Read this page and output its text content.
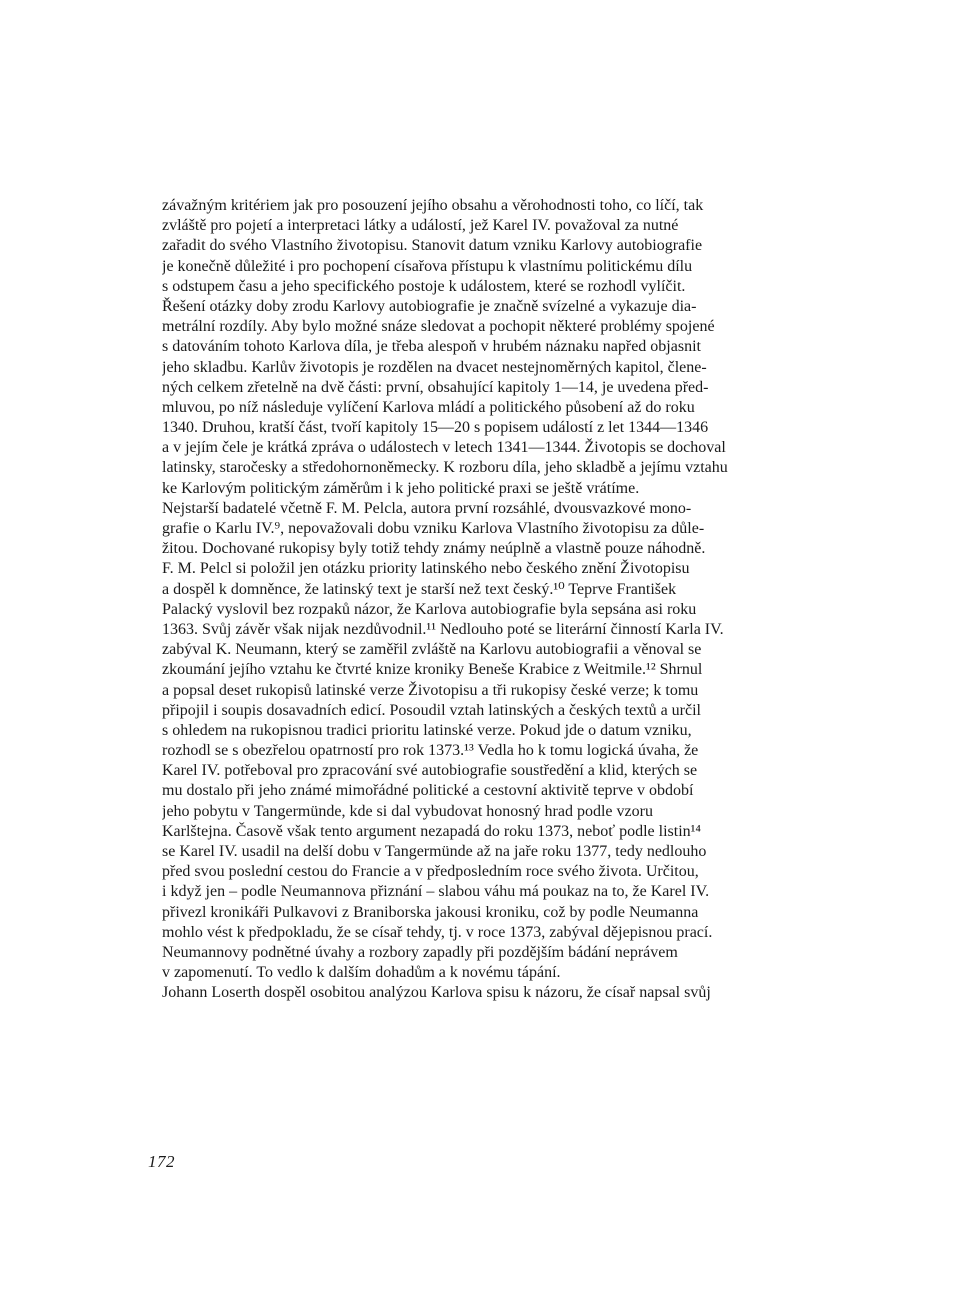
závažným kritériem jak pro posouzení jejího obsahu a věrohodnosti toho, co líčí, tak
zvláště pro pojetí a interpretaci látky a událostí, jež Karel IV. považoval za nutné
zařadit do svého Vlastního životopisu. Stanovit datum vzniku Karlovy autobiografie
je konečně důležité i pro pochopení císařova přístupu k vlastnímu politickému dílu
s odstupem času a jeho specifického postoje k událostem, které se rozhodl vylíčit.
Řešení otázky doby zrodu Karlovy autobiografie je značně svízelné a vykazuje dia-
metrální rozdíly. Aby bylo možné snáze sledovat a pochopit některé problémy spojené
s datováním tohoto Karlova díla, je třeba alespoň v hrubém náznaku napřed objasnit
jeho skladbu. Karlův životopis je rozdělen na dvacet nestejnoměrných kapitol, člene-
ných celkem zřetelně na dvě části: první, obsahující kapitoly 1—14, je uvedena před-
mluvou, po níž následuje vylíčení Karlova mládí a politického působení až do roku
1340. Druhou, kratší část, tvoří kapitoly 15—20 s popisem událostí z let 1344—1346
a v jejím čele je krátká zpráva o událostech v letech 1341—1344. Životopis se dochoval
latinsky, staročesky a středohornoněmecky. K rozboru díla, jeho skladbě a jejímu vztahu
ke Karlovým politickým záměrům i k jeho politické praxi se ještě vrátíme.
Nejstarší badatelé včetně F. M. Pelcla, autora první rozsáhlé, dvousvazkové mono-
grafie o Karlu IV.⁹, nepovažovali dobu vzniku Karlova Vlastního životopisu za důle-
žitou. Dochované rukopisy byly totiž tehdy známy neúplně a vlastně pouze náhodně.
F. M. Pelcl si položil jen otázku priority latinského nebo českého znění Životopisu
a dospěl k domněnce, že latinský text je starší než text český.¹⁰ Teprve František
Palacký vyslovil bez rozpaků názor, že Karlova autobiografie byla sepsána asi roku
1363. Svůj závěr však nijak nezdůvodnil.¹¹ Nedlouho poté se literární činností Karla IV.
zabýval K. Neumann, který se zaměřil zvláště na Karlovu autobiografii a věnoval se
zkoumání jejího vztahu ke čtvrté knize kroniky Beneše Krabice z Weitmile.¹² Shrnul
a popsal deset rukopisů latinské verze Životopisu a tři rukopisy české verze; k tomu
připojil i soupis dosavadních edicí. Posoudil vztah latinských a českých textů a určil
s ohledem na rukopisnou tradici prioritu latinské verze. Pokud jde o datum vzniku,
rozhodl se s obezřelou opatrností pro rok 1373.¹³ Vedla ho k tomu logická úvaha, že
Karel IV. potřeboval pro zpracování své autobiografie soustředění a klid, kterých se
mu dostalo při jeho známé mimořádné politické a cestovní aktivitě teprve v období
jeho pobytu v Tangermünde, kde si dal vybudovat honosný hrad podle vzoru
Karlštejna. Časově však tento argument nezapadá do roku 1373, neboť podle listin¹⁴
se Karel IV. usadil na delší dobu v Tangermünde až na jaře roku 1377, tedy nedlouho
před svou poslední cestou do Francie a v předposledním roce svého života. Určitou,
i když jen – podle Neumannova přiznání – slabou váhu má poukaz na to, že Karel IV.
přivezl kronikáři Pulkavovi z Braniborska jakousi kroniku, což by podle Neumanna
mohlo vést k předpokladu, že se císař tehdy, tj. v roce 1373, zabýval dějepisnou prací.
Neumannovy podnětné úvahy a rozbory zapadly při pozdějším bádání neprávem
v zapomenutí. To vedlo k dalším dohadům a k novému tápání.
Johann Loserth dospěl osobitou analýzou Karlova spisu k názoru, že císař napsal svůj
172
